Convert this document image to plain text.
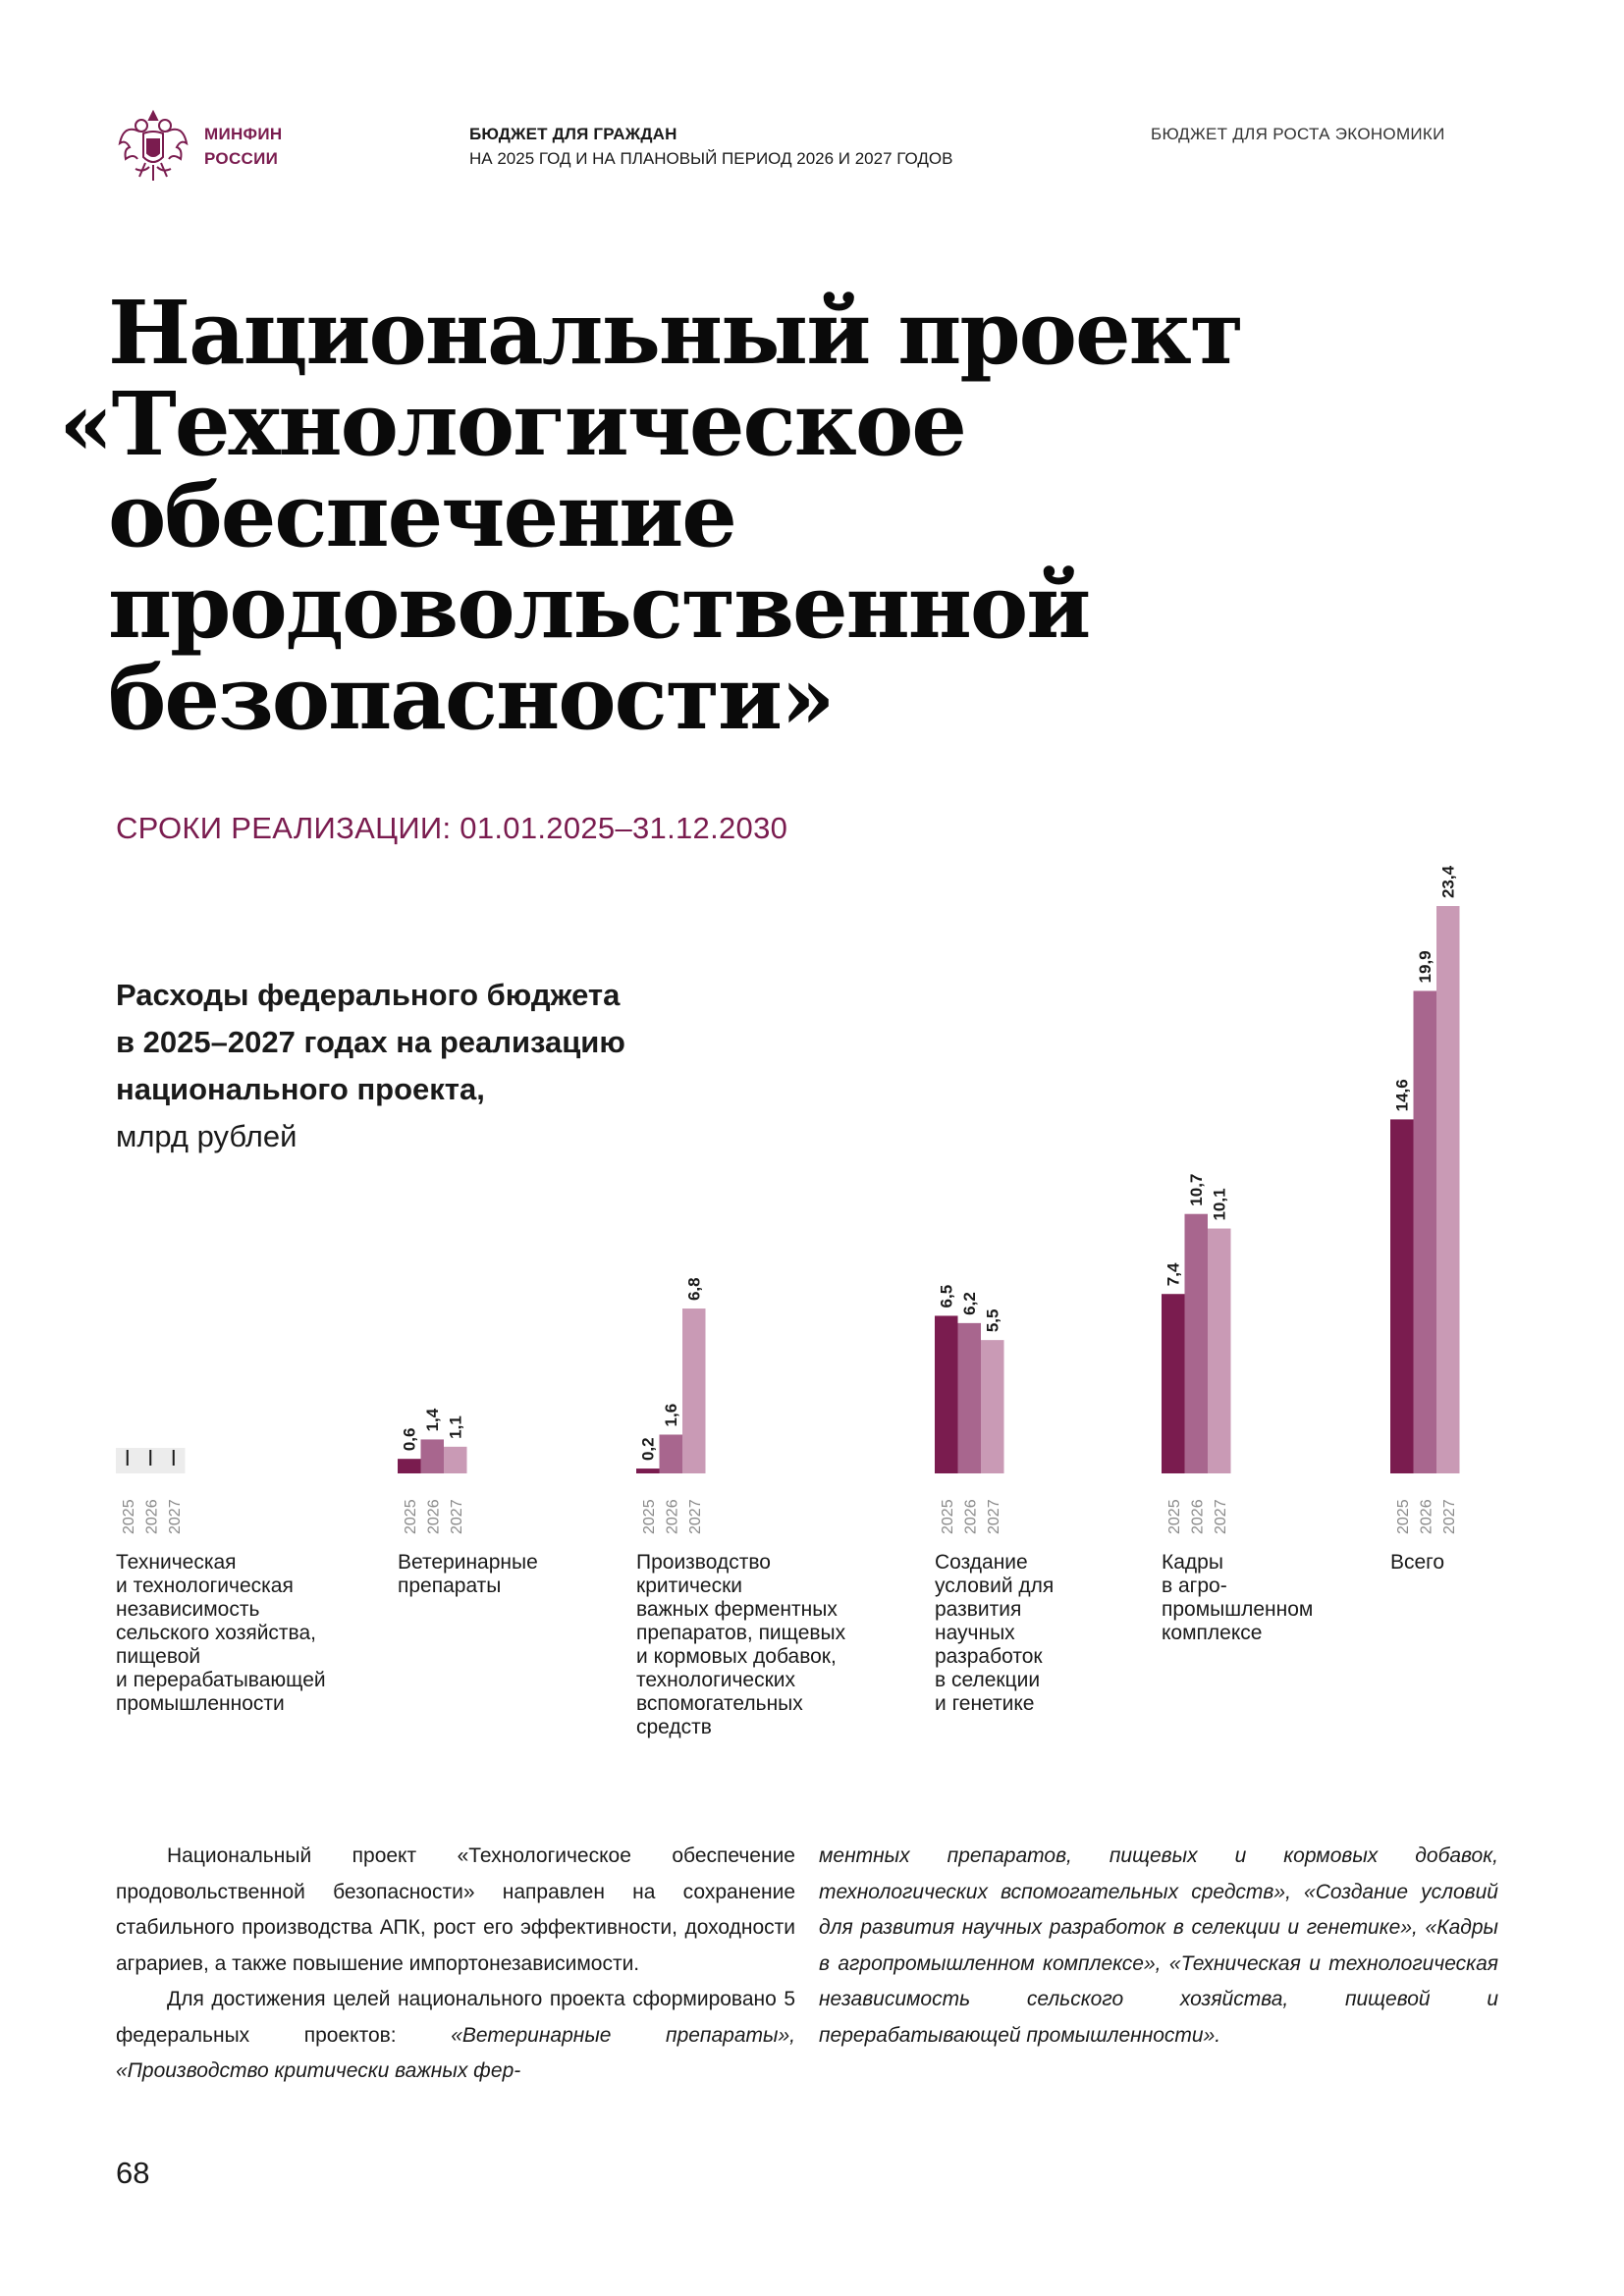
МИНФИН
РОССИИ
БЮДЖЕТ ДЛЯ ГРАЖДАН
НА 2025 ГОД И НА ПЛАНОВЫЙ ПЕРИОД 2026 И 2027 ГОДОВ
БЮДЖЕТ ДЛЯ РОСТА ЭКОНОМИКИ
Национальный проект
«Технологическое
обеспечение
продовольственной
безопасности»
СРОКИ РЕАЛИЗАЦИИ: 01.01.2025–31.12.2030
Расходы федерального бюджета
в 2025–2027 годах на реализацию
национального проекта,
млрд рублей
2025 2026 2027
0,6
2025
1,4
2026
1,1
2027
0,2
2025
1,6
2026
6,8
2027
6,5
2025
6,2
2026
5,5
2027
7,4
2025
10,7
2026
10,1
2027
14,6
2025
19,9
2026
23,4
2027
Техническая
и технологическая
независимость
сельского хозяйства,
пищевой
и перерабатывающей
промышленности
Ветеринарные
препараты
Производство
критически
важных ферментных
препаратов, пищевых
и кормовых добавок,
технологических
вспомогательных
средств
Создание
условий для
развития
научных
разработок
в селекции
и генетике
Кадры
в агро-
промышленном
комплексе
Всего

Национальный проект «Технологическое обеспечение продовольственной безопасности» направлен на сохранение стабильного производства АПК, рост его эффективности, доходности аграриев, а также повышение импортонезависимости.

Для достижения целей национального проекта сформировано 5 федеральных проектов: «Ветеринарные препараты», «Производство критически важных фер-

ментных препаратов, пищевых и кормовых добавок, технологических вспомогательных средств», «Создание условий для развития научных разработок в селекции и генетике», «Кадры в агропромышленном комплексе», «Техническая и технологическая независимость сельского хозяйства, пищевой и перерабатывающей промышленности».

68
